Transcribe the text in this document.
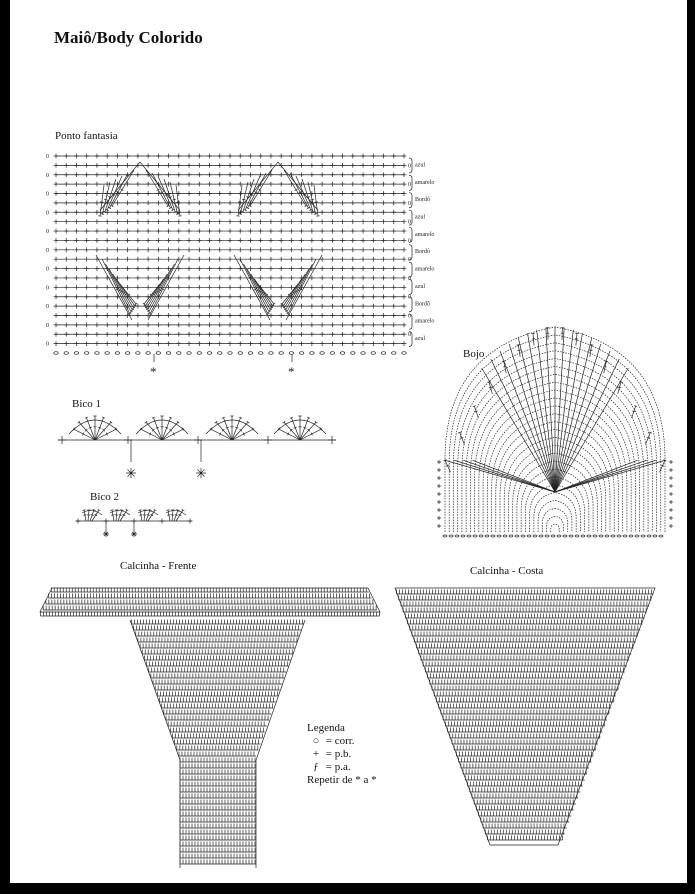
Maiô/Body Colorido
Ponto fantasia
Bojo
Bico 1
Bico 2
Calcinha - Frente	Calcinha - Costa
0
0
0
0
0
0
0
0
0
0
0
0
0
0
0
0
0
0
0
0
0
azul
amarelo
Bordô
azul
amarelo
Bordô
amarelo
azul
Bordô
amarelo
azul
*	*
Legenda
○ = corr.
+ = p.b.
ƒ = p.a.
Repetir de * a *
